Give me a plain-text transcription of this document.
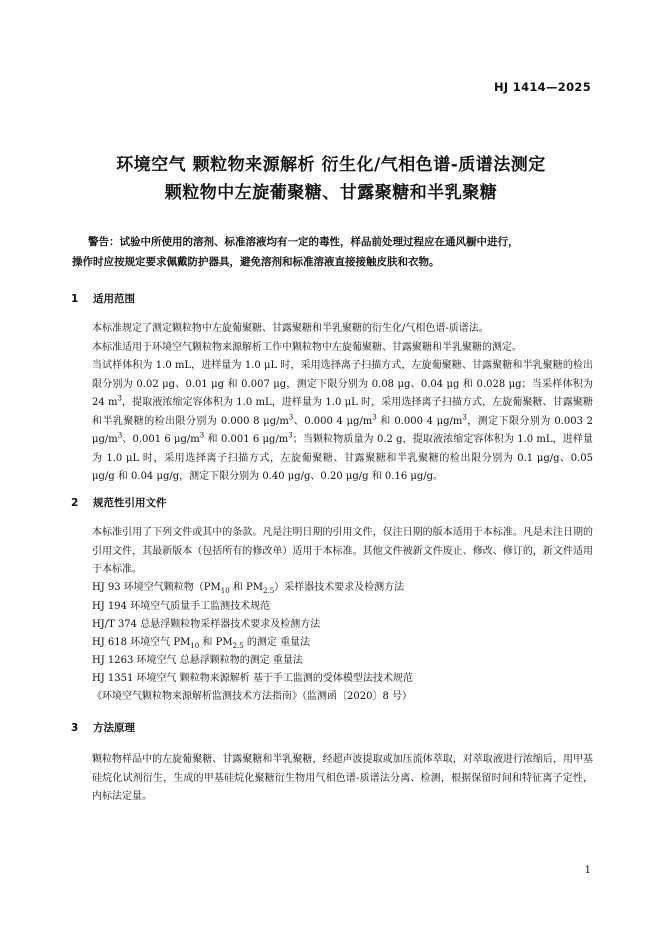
HJ 1414—2025
环境空气 颗粒物来源解析 衍生化/气相色谱-质谱法测定
颗粒物中左旋葡聚糖、甘露聚糖和半乳聚糖
警告：试验中所使用的溶剂、标准溶液均有一定的毒性，样品前处理过程应在通风橱中进行，
操作时应按规定要求佩戴防护器具，避免溶剂和标准溶液直接接触皮肤和衣物。
1 适用范围
本标准规定了测定颗粒物中左旋葡聚糖、甘露聚糖和半乳聚糖的衍生化/气相色谱-质谱法。
本标准适用于环境空气颗粒物来源解析工作中颗粒物中左旋葡聚糖、甘露聚糖和半乳聚糖的测定。
当试样体积为 1.0 mL，进样量为 1.0 μL 时，采用选择离子扫描方式，左旋葡聚糖、甘露聚糖和半乳聚糖的检出限分别为 0.02 μg、0.01 μg 和 0.007 μg，测定下限分别为 0.08 μg、0.04 μg 和 0.028 μg；当采样体积为 24 $m^3$，提取液浓缩定容体积为 1.0 mL，进样量为 1.0 μL 时，采用选择离子扫描方式，左旋葡聚糖、甘露聚糖和半乳聚糖的检出限分别为 0.000 8 $\mu g/m^3$、0.000 4 $\mu g/m^3$ 和 0.000 4 $\mu g/m^3$，测定下限分别为 0.003 2 $\mu g/m^3$、0.001 6 $\mu g/m^3$ 和 0.001 6 $\mu g/m^3$；当颗粒物质量为 0.2 g，提取液浓缩定容体积为 1.0 mL，进样量为 1.0 μL 时，采用选择离子扫描方式，左旋葡聚糖、甘露聚糖和半乳聚糖的检出限分别为 0.1 μg/g、0.05 μg/g 和 0.04 μg/g，测定下限分别为 0.40 μg/g、0.20 μg/g 和 0.16 μg/g。
2 规范性引用文件
本标准引用了下列文件或其中的条款。凡是注明日期的引用文件，仅注日期的版本适用于本标准。凡是未注日期的引用文件，其最新版本（包括所有的修改单）适用于本标准。其他文件被新文件废止、修改、修订的，新文件适用于本标准。
HJ 93 环境空气颗粒物（$PM_{10}$ 和 $PM_{2.5}$）采样器技术要求及检测方法
HJ 194 环境空气质量手工监测技术规范
HJ/T 374 总悬浮颗粒物采样器技术要求及检测方法
HJ 618 环境空气 $PM_{10}$ 和 $PM_{2.5}$ 的测定 重量法
HJ 1263 环境空气 总悬浮颗粒物的测定 重量法
HJ 1351 环境空气 颗粒物来源解析 基于手工监测的受体模型法技术规范
《环境空气颗粒物来源解析监测技术方法指南》（监测函〔2020〕8 号）
3 方法原理
颗粒物样品中的左旋葡聚糖、甘露聚糖和半乳聚糖，经超声波提取或加压流体萃取，对萃取液进行浓缩后，用甲基硅烷化试剂衍生，生成的甲基硅烷化聚糖衍生物用气相色谱-质谱法分离、检测，根据保留时间和特征离子定性，内标法定量。
1
